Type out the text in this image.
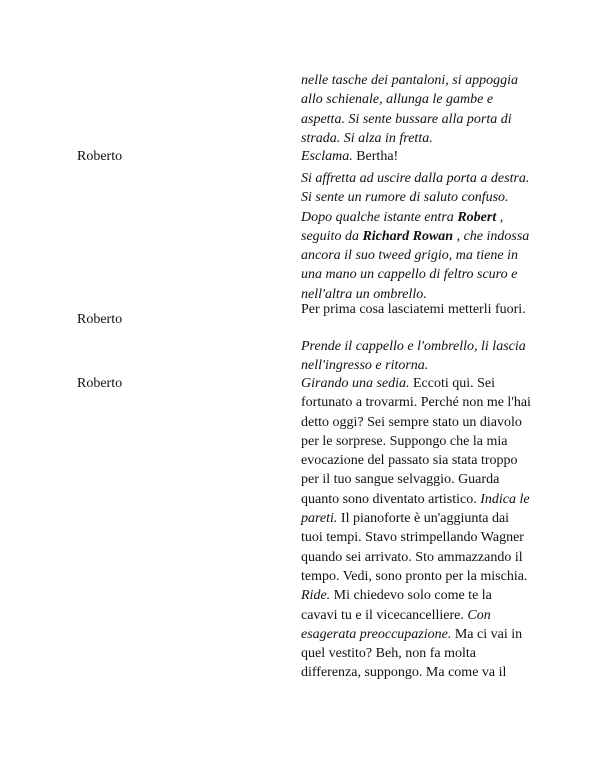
nelle tasche dei pantaloni, si appoggia allo schienale, allunga le gambe e aspetta. Si sente bussare alla porta di strada. Si alza in fretta.
Roberto	Esclama. Bertha!
Si affretta ad uscire dalla porta a destra. Si sente un rumore di saluto confuso. Dopo qualche istante entra Robert , seguito da Richard Rowan , che indossa ancora il suo tweed grigio, ma tiene in una mano un cappello di feltro scuro e nell'altra un ombrello.
Roberto
Per prima cosa lasciatemi metterli fuori.
Prende il cappello e l'ombrello, li lascia nell'ingresso e ritorna.
Roberto	Girando una sedia. Eccoti qui. Sei fortunato a trovarmi. Perché non me l'hai detto oggi? Sei sempre stato un diavolo per le sorprese. Suppongo che la mia evocazione del passato sia stata troppo per il tuo sangue selvaggio. Guarda quanto sono diventato artistico. Indica le pareti. Il pianoforte è un'aggiunta dai tuoi tempi. Stavo strimpellando Wagner quando sei arrivato. Sto ammazzando il tempo. Vedi, sono pronto per la mischia. Ride. Mi chiedevo solo come te la cavavi tu e il vicecancelliere. Con esagerata preoccupazione. Ma ci vai in quel vestito? Beh, non fa molta differenza, suppongo. Ma come va il
